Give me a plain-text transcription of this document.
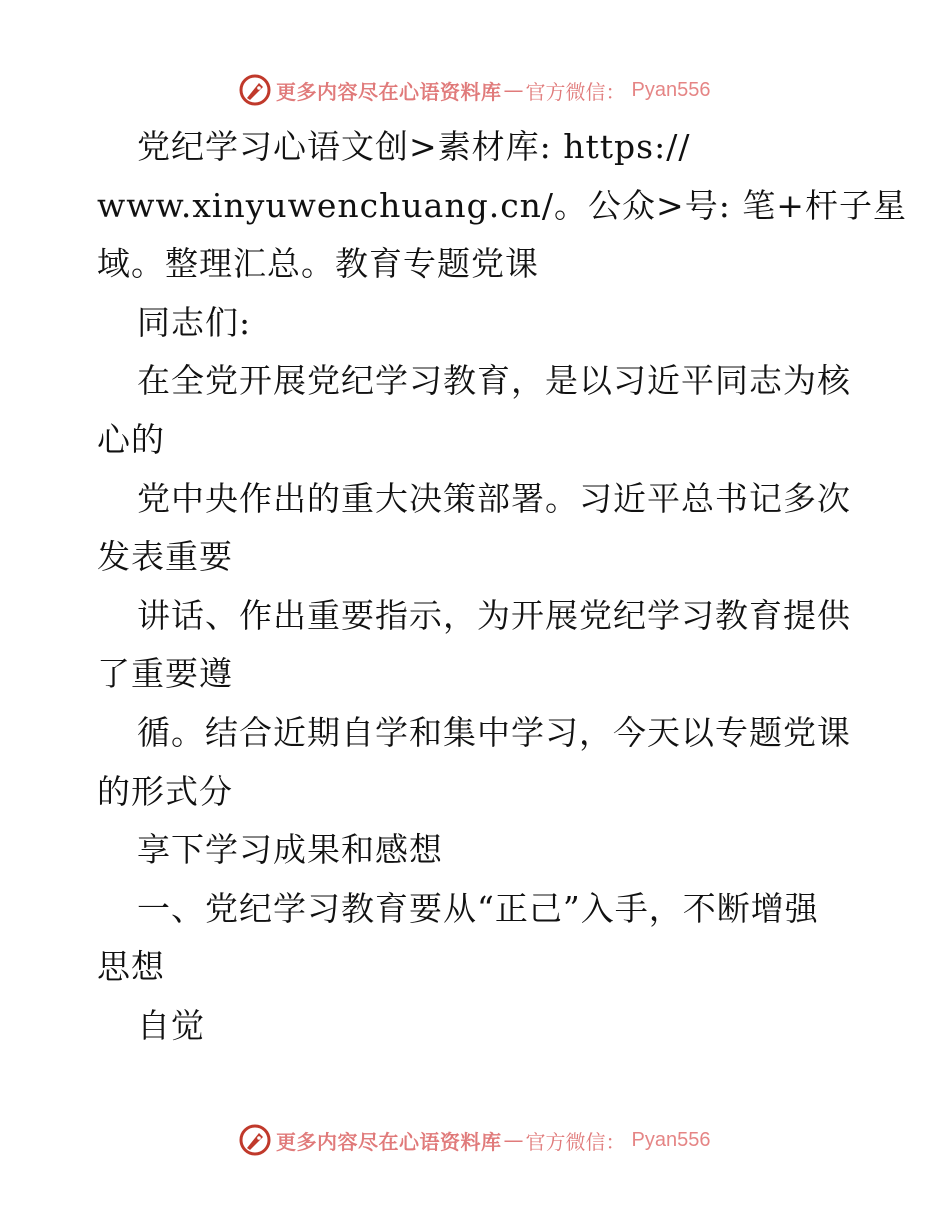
更多内容尽在心语资料库 — 官方微信： Pyan556
党纪学习心语文创>素材库: https://
www.xinyuwenchuang.cn/。公众>号: 笔+杆子星
域。整理汇总。教育专题党课
同志们:
在全党开展党纪学习教育，是以习近平同志为核
心的
党中央作出的重大决策部署。习近平总书记多次
发表重要
讲话、作出重要指示，为开展党纪学习教育提供
了重要遵
循。结合近期自学和集中学习，今天以专题党课
的形式分
享下学习成果和感想
一、党纪学习教育要从“正己”入手，不断增强
思想
自觉
更多内容尽在心语资料库 — 官方微信： Pyan556
